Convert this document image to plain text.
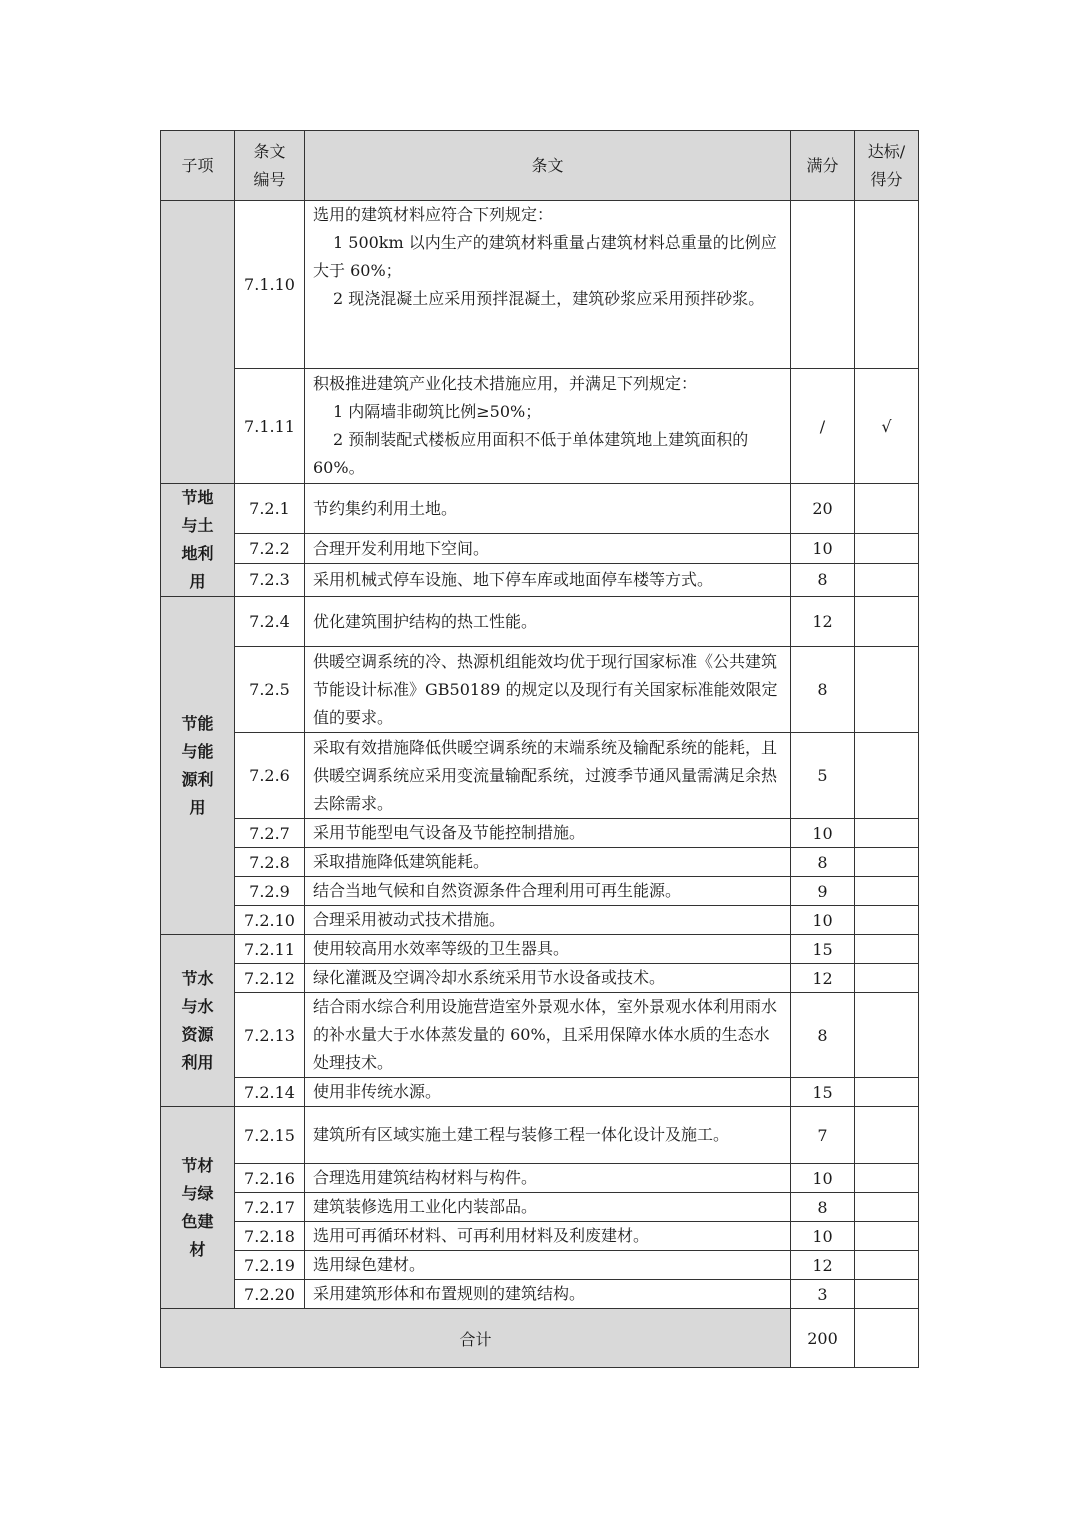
子项	条文编号	条文	满分	达标/得分
	7.1.10	选用的建筑材料应符合下列规定：
1 500km 以内生产的建筑材料重量占建筑材料总重量的比例应大于 60%；
2 现浇混凝土应采用预拌混凝土，建筑砂浆应采用预拌砂浆。		

	7.1.11	积极推进建筑产业化技术措施应用，并满足下列规定：
1 内隔墙非砌筑比例≥50%；
2 预制装配式楼板应用面积不低于单体建筑地上建筑面积的 60%。	/	√
节地与土地利用	7.2.1	节约集约利用土地。	20	
	7.2.2	合理开发利用地下空间。	10	
	7.2.3	采用机械式停车设施、地下停车库或地面停车楼等方式。	8	
节能与能源利用	7.2.4	优化建筑围护结构的热工性能。	12	
	7.2.5	供暖空调系统的冷、热源机组能效均优于现行国家标准《公共建筑节能设计标准》GB50189 的规定以及现行有关国家标准能效限定值的要求。	8	
	7.2.6	采取有效措施降低供暖空调系统的末端系统及输配系统的能耗，且供暖空调系统应采用变流量输配系统，过渡季节通风量需满足余热去除需求。	5	
	7.2.7	采用节能型电气设备及节能控制措施。	10	
	7.2.8	采取措施降低建筑能耗。	8	
	7.2.9	结合当地气候和自然资源条件合理利用可再生能源。	9	
	7.2.10	合理采用被动式技术措施。	10	
节水与水资源利用	7.2.11	使用较高用水效率等级的卫生器具。	15	
	7.2.12	绿化灌溉及空调冷却水系统采用节水设备或技术。	12	
	7.2.13	结合雨水综合利用设施营造室外景观水体，室外景观水体利用雨水的补水量大于水体蒸发量的 60%，且采用保障水体水质的生态水处理技术。	8	
	7.2.14	使用非传统水源。	15	
节材与绿色建材	7.2.15	建筑所有区域实施土建工程与装修工程一体化设计及施工。	7	
	7.2.16	合理选用建筑结构材料与构件。	10	
	7.2.17	建筑装修选用工业化内装部品。	8	
	7.2.18	选用可再循环材料、可再利用材料及利废建材。	10	
	7.2.19	选用绿色建材。	12	
	7.2.20	采用建筑形体和布置规则的建筑结构。	3	
合计			200	
